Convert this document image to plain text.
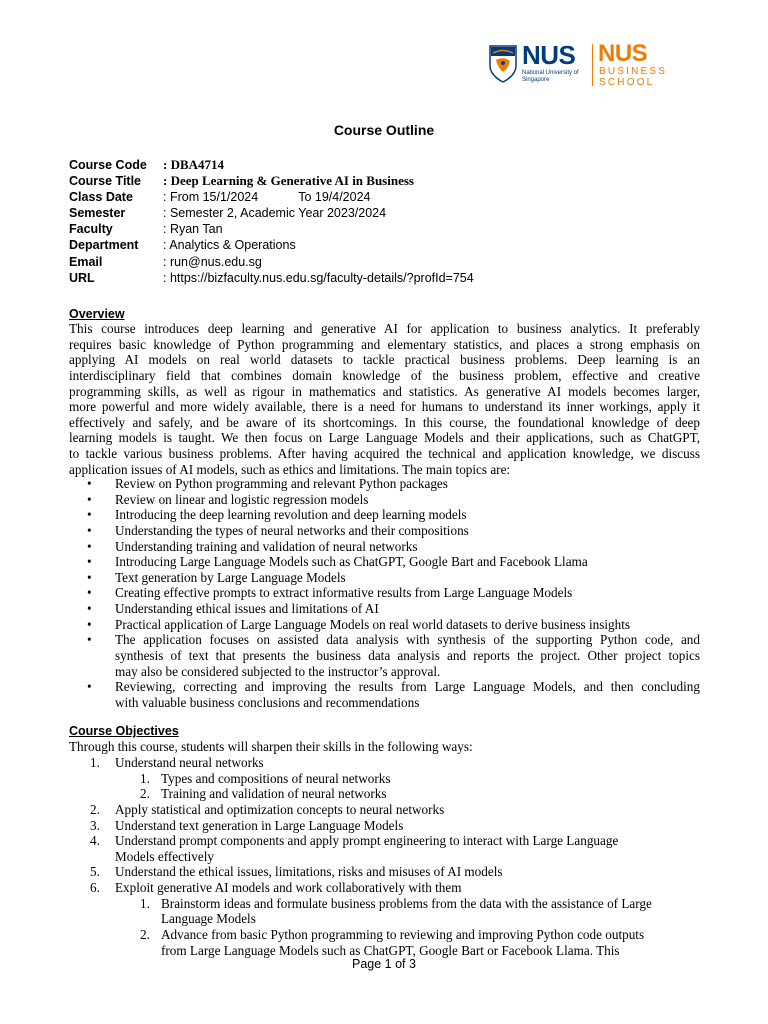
NUS
National University of Singapore
NUS
BUSINESS
SCHOOL
Course Outline
Course Code : DBA4714
Course Title : Deep Learning & Generative AI in Business
Class Date : From 15/1/2024	To 19/4/2024
Semester	: Semester 2, Academic Year 2023/2024
Faculty	: Ryan Tan
Department : Analytics & Operations
Email	: run@nus.edu.sg
URL	: https://bizfaculty.nus.edu.sg/faculty-details/?profId=754
Overview
This course introduces deep learning and generative AI for application to business analytics. It preferably
requires basic knowledge of Python programming and elementary statistics, and places a strong emphasis on
applying AI models on real world datasets to tackle practical business problems. Deep learning is an
interdisciplinary field that combines domain knowledge of the business problem, effective and creative
programming skills, as well as rigour in mathematics and statistics. As generative AI models becomes larger,
more powerful and more widely available, there is a need for humans to understand its inner workings, apply it
effectively and safely, and be aware of its shortcomings. In this course, the foundational knowledge of deep
learning models is taught. We then focus on Large Language Models and their applications, such as ChatGPT,
to tackle various business problems. After having acquired the technical and application knowledge, we discuss
application issues of AI models, such as ethics and limitations. The main topics are:
• Review on Python programming and relevant Python packages
• Review on linear and logistic regression models
• Introducing the deep learning revolution and deep learning models
• Understanding the types of neural networks and their compositions
• Understanding training and validation of neural networks
• Introducing Large Language Models such as ChatGPT, Google Bart and Facebook Llama
• Text generation by Large Language Models
• Creating effective prompts to extract informative results from Large Language Models
• Understanding ethical issues and limitations of AI
• Practical application of Large Language Models on real world datasets to derive business insights
• The application focuses on assisted data analysis with synthesis of the supporting Python code, and
synthesis of text that presents the business data analysis and reports the project. Other project topics
may also be considered subjected to the instructor’s approval.
• Reviewing, correcting and improving the results from Large Language Models, and then concluding
with valuable business conclusions and recommendations
Course Objectives
Through this course, students will sharpen their skills in the following ways:
1. Understand neural networks
1. Types and compositions of neural networks
2. Training and validation of neural networks
2. Apply statistical and optimization concepts to neural networks
3. Understand text generation in Large Language Models
4. Understand prompt components and apply prompt engineering to interact with Large Language
Models effectively
5. Understand the ethical issues, limitations, risks and misuses of AI models
6. Exploit generative AI models and work collaboratively with them
1. Brainstorm ideas and formulate business problems from the data with the assistance of Large
Language Models
2. Advance from basic Python programming to reviewing and improving Python code outputs
from Large Language Models such as ChatGPT, Google Bart or Facebook Llama. This
Page 1 of 3
